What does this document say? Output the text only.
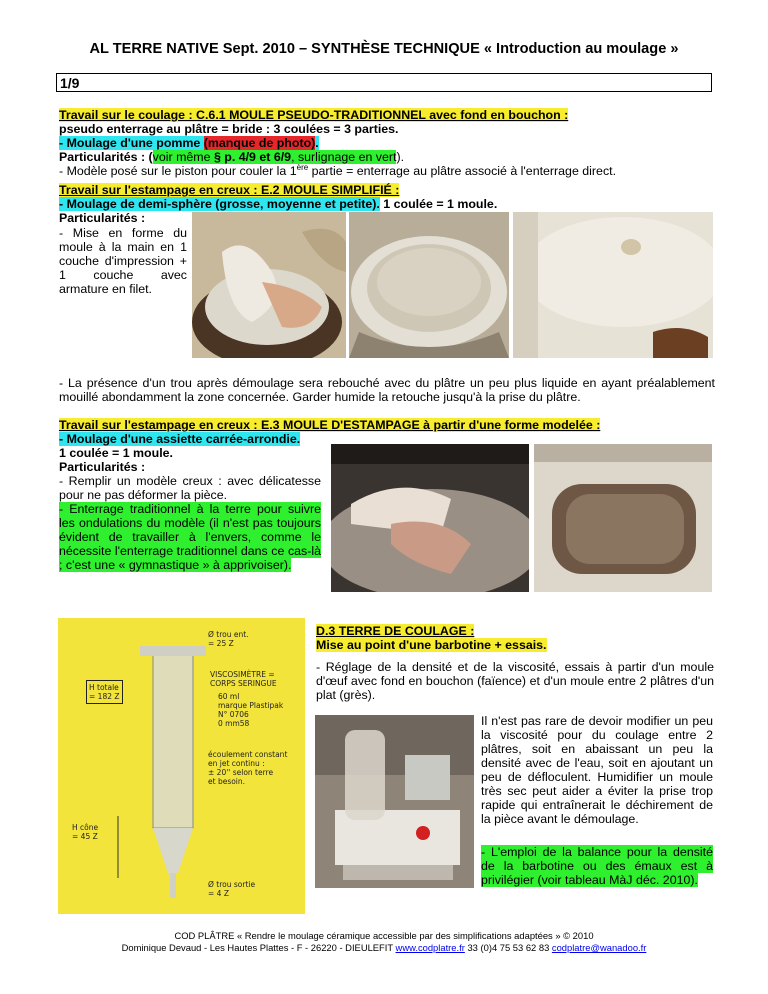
AL TERRE NATIVE Sept. 2010 – SYNTHÈSE TECHNIQUE « Introduction au moulage »
1/9
Travail sur le coulage : C.6.1 MOULE PSEUDO-TRADITIONNEL avec fond en bouchon :
pseudo enterrage au plâtre = bride : 3 coulées = 3 parties.
- Moulage d'une pomme (manque de photo).
Particularités : (voir même § p. 4/9 et 6/9, surlignage en vert).
- Modèle posé sur le piston pour couler la 1ère partie = enterrage au plâtre associé à l'enterrage direct.
Travail sur l'estampage en creux : E.2 MOULE SIMPLIFIÉ :
- Moulage de demi-sphère (grosse, moyenne et petite). 1 coulée = 1 moule.
Particularités :
- Mise en forme du moule à la main en 1 couche d'impression + 1 couche avec armature en filet.
- La présence d'un trou après démoulage sera rebouché avec du plâtre un peu plus liquide en ayant préalablement mouillé abondamment la zone concernée. Garder humide la retouche jusqu'à la prise du plâtre.
Travail sur l'estampage en creux : E.3 MOULE D'ESTAMPAGE à partir d'une forme modelée :
- Moulage d'une assiette carrée-arrondie.
1 coulée = 1 moule.
Particularités :
- Remplir un modèle creux : avec délicatesse pour ne pas déformer la pièce.
- Enterrage traditionnel à la terre pour suivre les ondulations du modèle (il n'est pas toujours évident de travailler à l'envers, comme le nécessite l'enterrage traditionnel dans ce cas-là ; c'est une « gymnastique » à apprivoiser).
Ø trou ent.
= 25 Z
VISCOSIMÈTRE =
CORPS SERINGUE
60 ml
marque Plastipak
N° 0706
0 mm58
H totale
= 182 Z
écoulement constant
en jet continu :
± 20'' selon terre
et besoin.
H cône
= 45 Z
Ø trou sortie
= 4 Z
D.3 TERRE DE COULAGE :
Mise au point d'une barbotine + essais.
- Réglage de la densité et de la viscosité, essais à partir d'un moule d'œuf avec fond en bouchon (faïence) et d'un moule entre 2 plâtres d'un plat (grès).
Il n'est pas rare de devoir modifier un peu la viscosité pour du coulage entre 2 plâtres, soit en abaissant un peu la densité avec de l'eau, soit en ajoutant un peu de défloculent. Humidifier un moule très sec peut aider a éviter la prise trop rapide qui entraînerait le déchirement de la pièce avant le démoulage.
- L'emploi de la balance pour la densité de la barbotine ou des émaux est à privilégier (voir tableau MàJ déc. 2010).
COD PLÂTRE « Rendre le moulage céramique accessible par des simplifications adaptées » © 2010
Dominique Devaud - Les Hautes Plattes - F - 26220 - DIEULEFIT www.codplatre.fr 33 (0)4 75 53 62 83 codplatre@wanadoo.fr
